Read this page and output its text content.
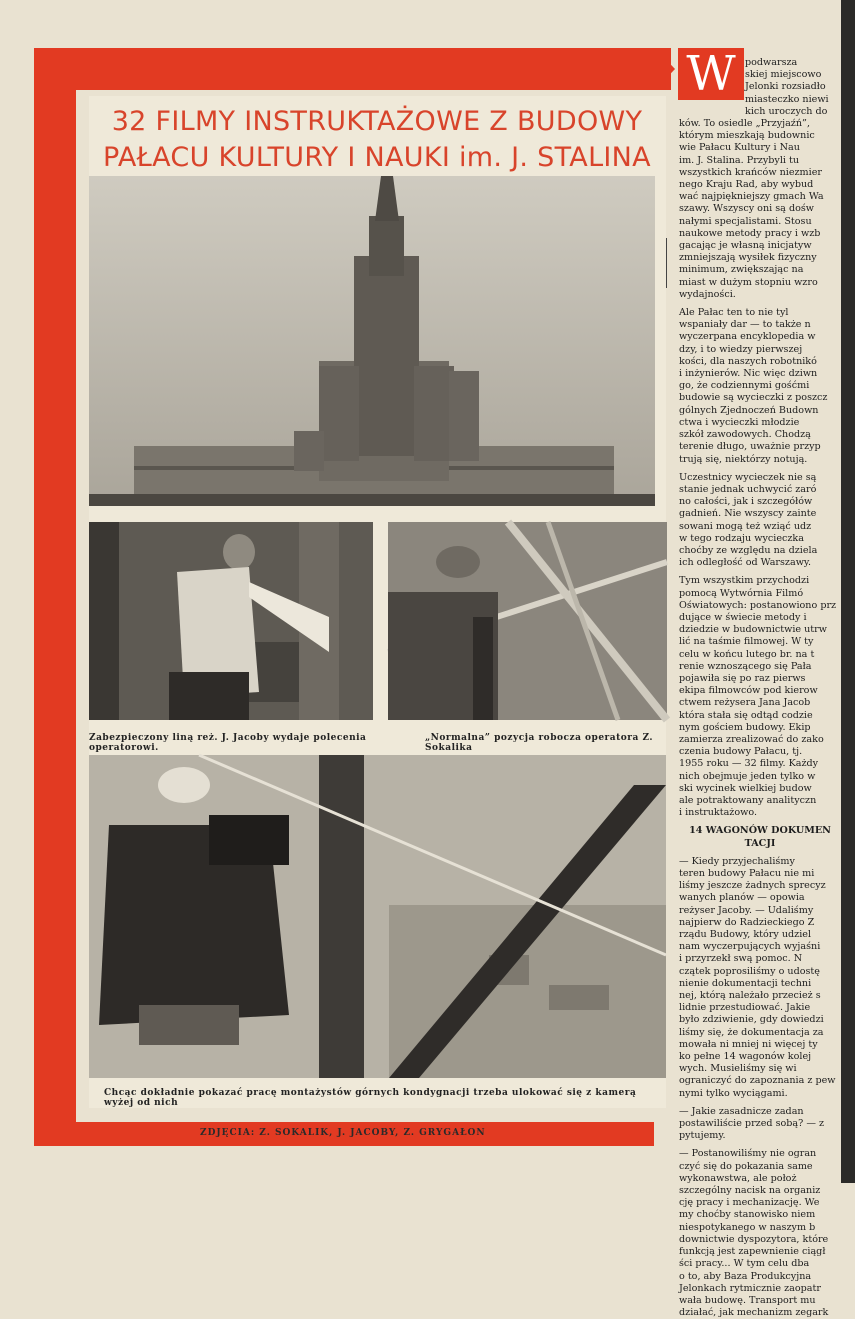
32 FILMY INSTRUKTAŻOWE Z BUDOWY
PAŁACU KULTURY I NAUKI im. J. STALINA
Zabezpieczony liną reż. J. Jacoby wydaje polecenia operatorowi.
„Normalna” pozycja robocza operatora Z. Sokalika
Chcąc dokładnie pokazać pracę montażystów górnych kondygnacji trzeba ulokować się z kamerą wyżej od nich
ZDJĘCIA: Z. SOKALIK, J. JACOBY, Z. GRYGAŁON
W podwarsza
skiej miejscowo
Jelonki rozsiadło
miasteczko niewi
kich uroczych do
ków. To osiedle „Przyjaźń”,
którym mieszkają budownic
wie Pałacu Kultury i Nau
im. J. Stalina. Przybyli tu
wszystkich krańców niezmier
nego Kraju Rad, aby wybud
wać najpiękniejszy gmach Wa
szawy. Wszyscy oni są dośw
nałymi specjalistami. Stosu
naukowe metody pracy i wzb
gacając je własną inicjatyw
zmniejszają wysiłek fizyczny
minimum, zwiększając na
miast w dużym stopniu wzro
wydajności.

Ale Pałac ten to nie tyl
wspaniały dar — to także n
wyczerpana encyklopedia w
dzy, i to wiedzy pierwszej
kości, dla naszych robotnikó
i inżynierów. Nic więc dziwn
go, że codziennymi gośćmi
budowie są wycieczki z poszcz
gólnych Zjednoczeń Budown
ctwa i wycieczki młodzie
szkół zawodowych. Chodzą
terenie długo, uważnie przyp
trują się, niektórzy notują.

Uczestnicy wycieczek nie są
stanie jednak uchwycić zaró
no całości, jak i szczegółów
gadnień. Nie wszyscy zainte
sowani mogą też wziąć udz
w tego rodzaju wycieczka
choćby ze względu na dziela
ich odległość od Warszawy.

Tym wszystkim przychodzi
pomocą Wytwórnia Filmó
Oświatowych: postanowiono prz
dujące w świecie metody i
dziedzie w budownictwie utrw
lić na taśmie filmowej. W ty
celu w końcu lutego br. na t
renie wznoszącego się Pała
pojawiła się po raz pierws
ekipa filmowców pod kierow
ctwem reżysera Jana Jacob
która stała się odtąd codzie
nym gościem budowy. Ekip
zamierza zrealizować do zako
czenia budowy Pałacu, tj.
1955 roku — 32 filmy. Każdy
nich obejmuje jeden tylko w
ski wycinek wielkiej budow
ale potraktowany analityczn
i instruktażowo.

14 WAGONÓW DOKUMEN
TACJI

— Kiedy przyjechaliśmy
teren budowy Pałacu nie mi
liśmy jeszcze żadnych sprecyz
wanych planów — opowia
reżyser Jacoby. — Udaliśmy
najpierw do Radzieckiego Z
rządu Budowy, który udziel
nam wyczerpujących wyjaśni
i przyrzekł swą pomoc. N
czątek poprosiliśmy o udostę
nienie dokumentacji techni
nej, którą należało przecież s
lidnie przestudiować. Jakie
było zdziwienie, gdy dowiedzi
liśmy się, że dokumentacja za
mowała ni mniej ni więcej ty
ko pełne 14 wagonów kolej
wych. Musieliśmy się wi
ograniczyć do zapoznania z pew
nymi tylko wyciągami.

— Jakie zasadnicze zadan
postawiliście przed sobą? — z
pytujemy.

— Postanowiliśmy nie ogran
czyć się do pokazania same
wykonawstwa, ale położ
szczególny nacisk na organiz
cję pracy i mechanizację. We
my choćby stanowisko niem
niespotykanego w naszym b
downictwie dyspozytora, które
funkcją jest zapewnienie ciągł
ści pracy... W tym celu dba
o to, aby Baza Produkcyjna
Jelonkach rytmicznie zaopatr
wała budowę. Transport mu
działać, jak mechanizm zegark
